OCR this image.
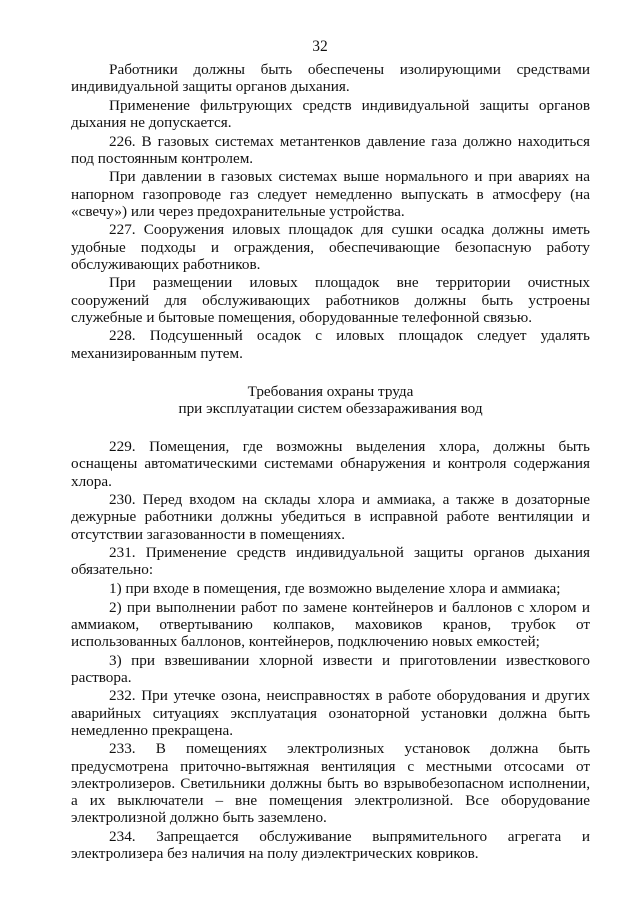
32

Работники должны быть обеспечены изолирующими средствами индивидуальной защиты органов дыхания.

Применение фильтрующих средств индивидуальной защиты органов дыхания не допускается.

226. В газовых системах метантенков давление газа должно находиться под постоянным контролем.

При давлении в газовых системах выше нормального и при авариях на напорном газопроводе газ следует немедленно выпускать в атмосферу (на «свечу») или через предохранительные устройства.

227. Сооружения иловых площадок для сушки осадка должны иметь удобные подходы и ограждения, обеспечивающие безопасную работу обслуживающих работников.

При размещении иловых площадок вне территории очистных сооружений для обслуживающих работников должны быть устроены служебные и бытовые помещения, оборудованные телефонной связью.

228. Подсушенный осадок с иловых площадок следует удалять механизированным путем.

Требования охраны труда
при эксплуатации систем обеззараживания вод

229. Помещения, где возможны выделения хлора, должны быть оснащены автоматическими системами обнаружения и контроля содержания хлора.

230. Перед входом на склады хлора и аммиака, а также в дозаторные дежурные работники должны убедиться в исправной работе вентиляции и отсутствии загазованности в помещениях.

231. Применение средств индивидуальной защиты органов дыхания обязательно:

1) при входе в помещения, где возможно выделение хлора и аммиака;

2) при выполнении работ по замене контейнеров и баллонов с хлором и аммиаком, отвертыванию колпаков, маховиков кранов, трубок от использованных баллонов, контейнеров, подключению новых емкостей;

3) при взвешивании хлорной извести и приготовлении известкового раствора.

232. При утечке озона, неисправностях в работе оборудования и других аварийных ситуациях эксплуатация озонаторной установки должна быть немедленно прекращена.

233. В помещениях электролизных установок должна быть предусмотрена приточно-вытяжная вентиляция с местными отсосами от электролизеров. Светильники должны быть во взрывобезопасном исполнении, а их выключатели – вне помещения электролизной. Все оборудование электролизной должно быть заземлено.

234. Запрещается обслуживание выпрямительного агрегата и электролизера без наличия на полу диэлектрических ковриков.
